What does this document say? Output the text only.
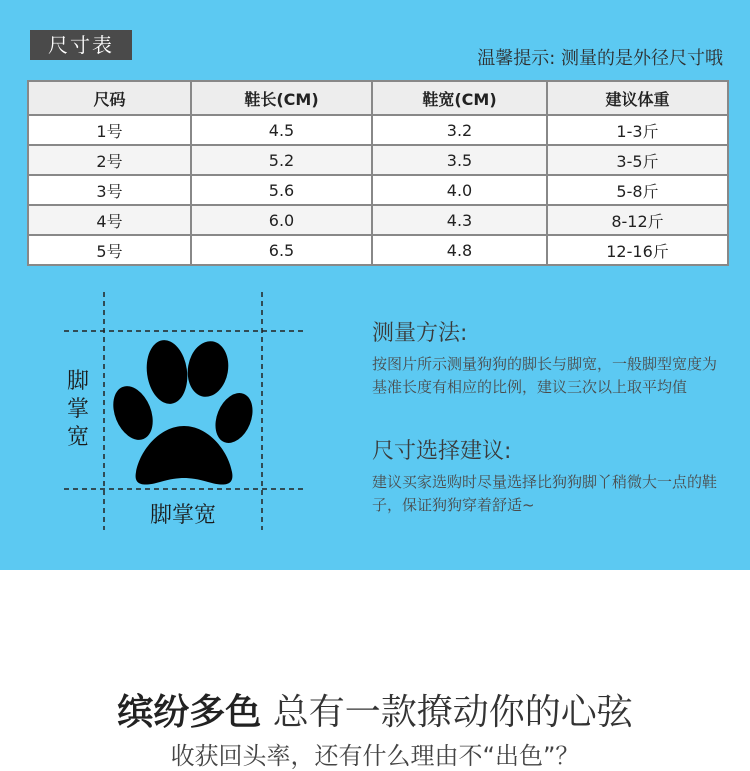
尺寸表
温馨提示: 测量的是外径尺寸哦
尺码	鞋长(CM)	鞋宽(CM)	建议体重
1号	4.5	3.2	1-3斤
2号	5.2	3.5	3-5斤
3号	5.6	4.0	5-8斤
4号	6.0	4.3	8-12斤
5号	6.5	4.8	12-16斤
脚掌宽
脚掌宽
测量方法:

按图片所示测量狗狗的脚长与脚宽，一般脚型宽度为基准长度有相应的比例，建议三次以上取平均值

尺寸选择建议:

建议买家选购时尽量选择比狗狗脚丫稍微大一点的鞋子，保证狗狗穿着舒适~

缤纷多色 总有一款撩动你的心弦
收获回头率，还有什么理由不“出色”？
